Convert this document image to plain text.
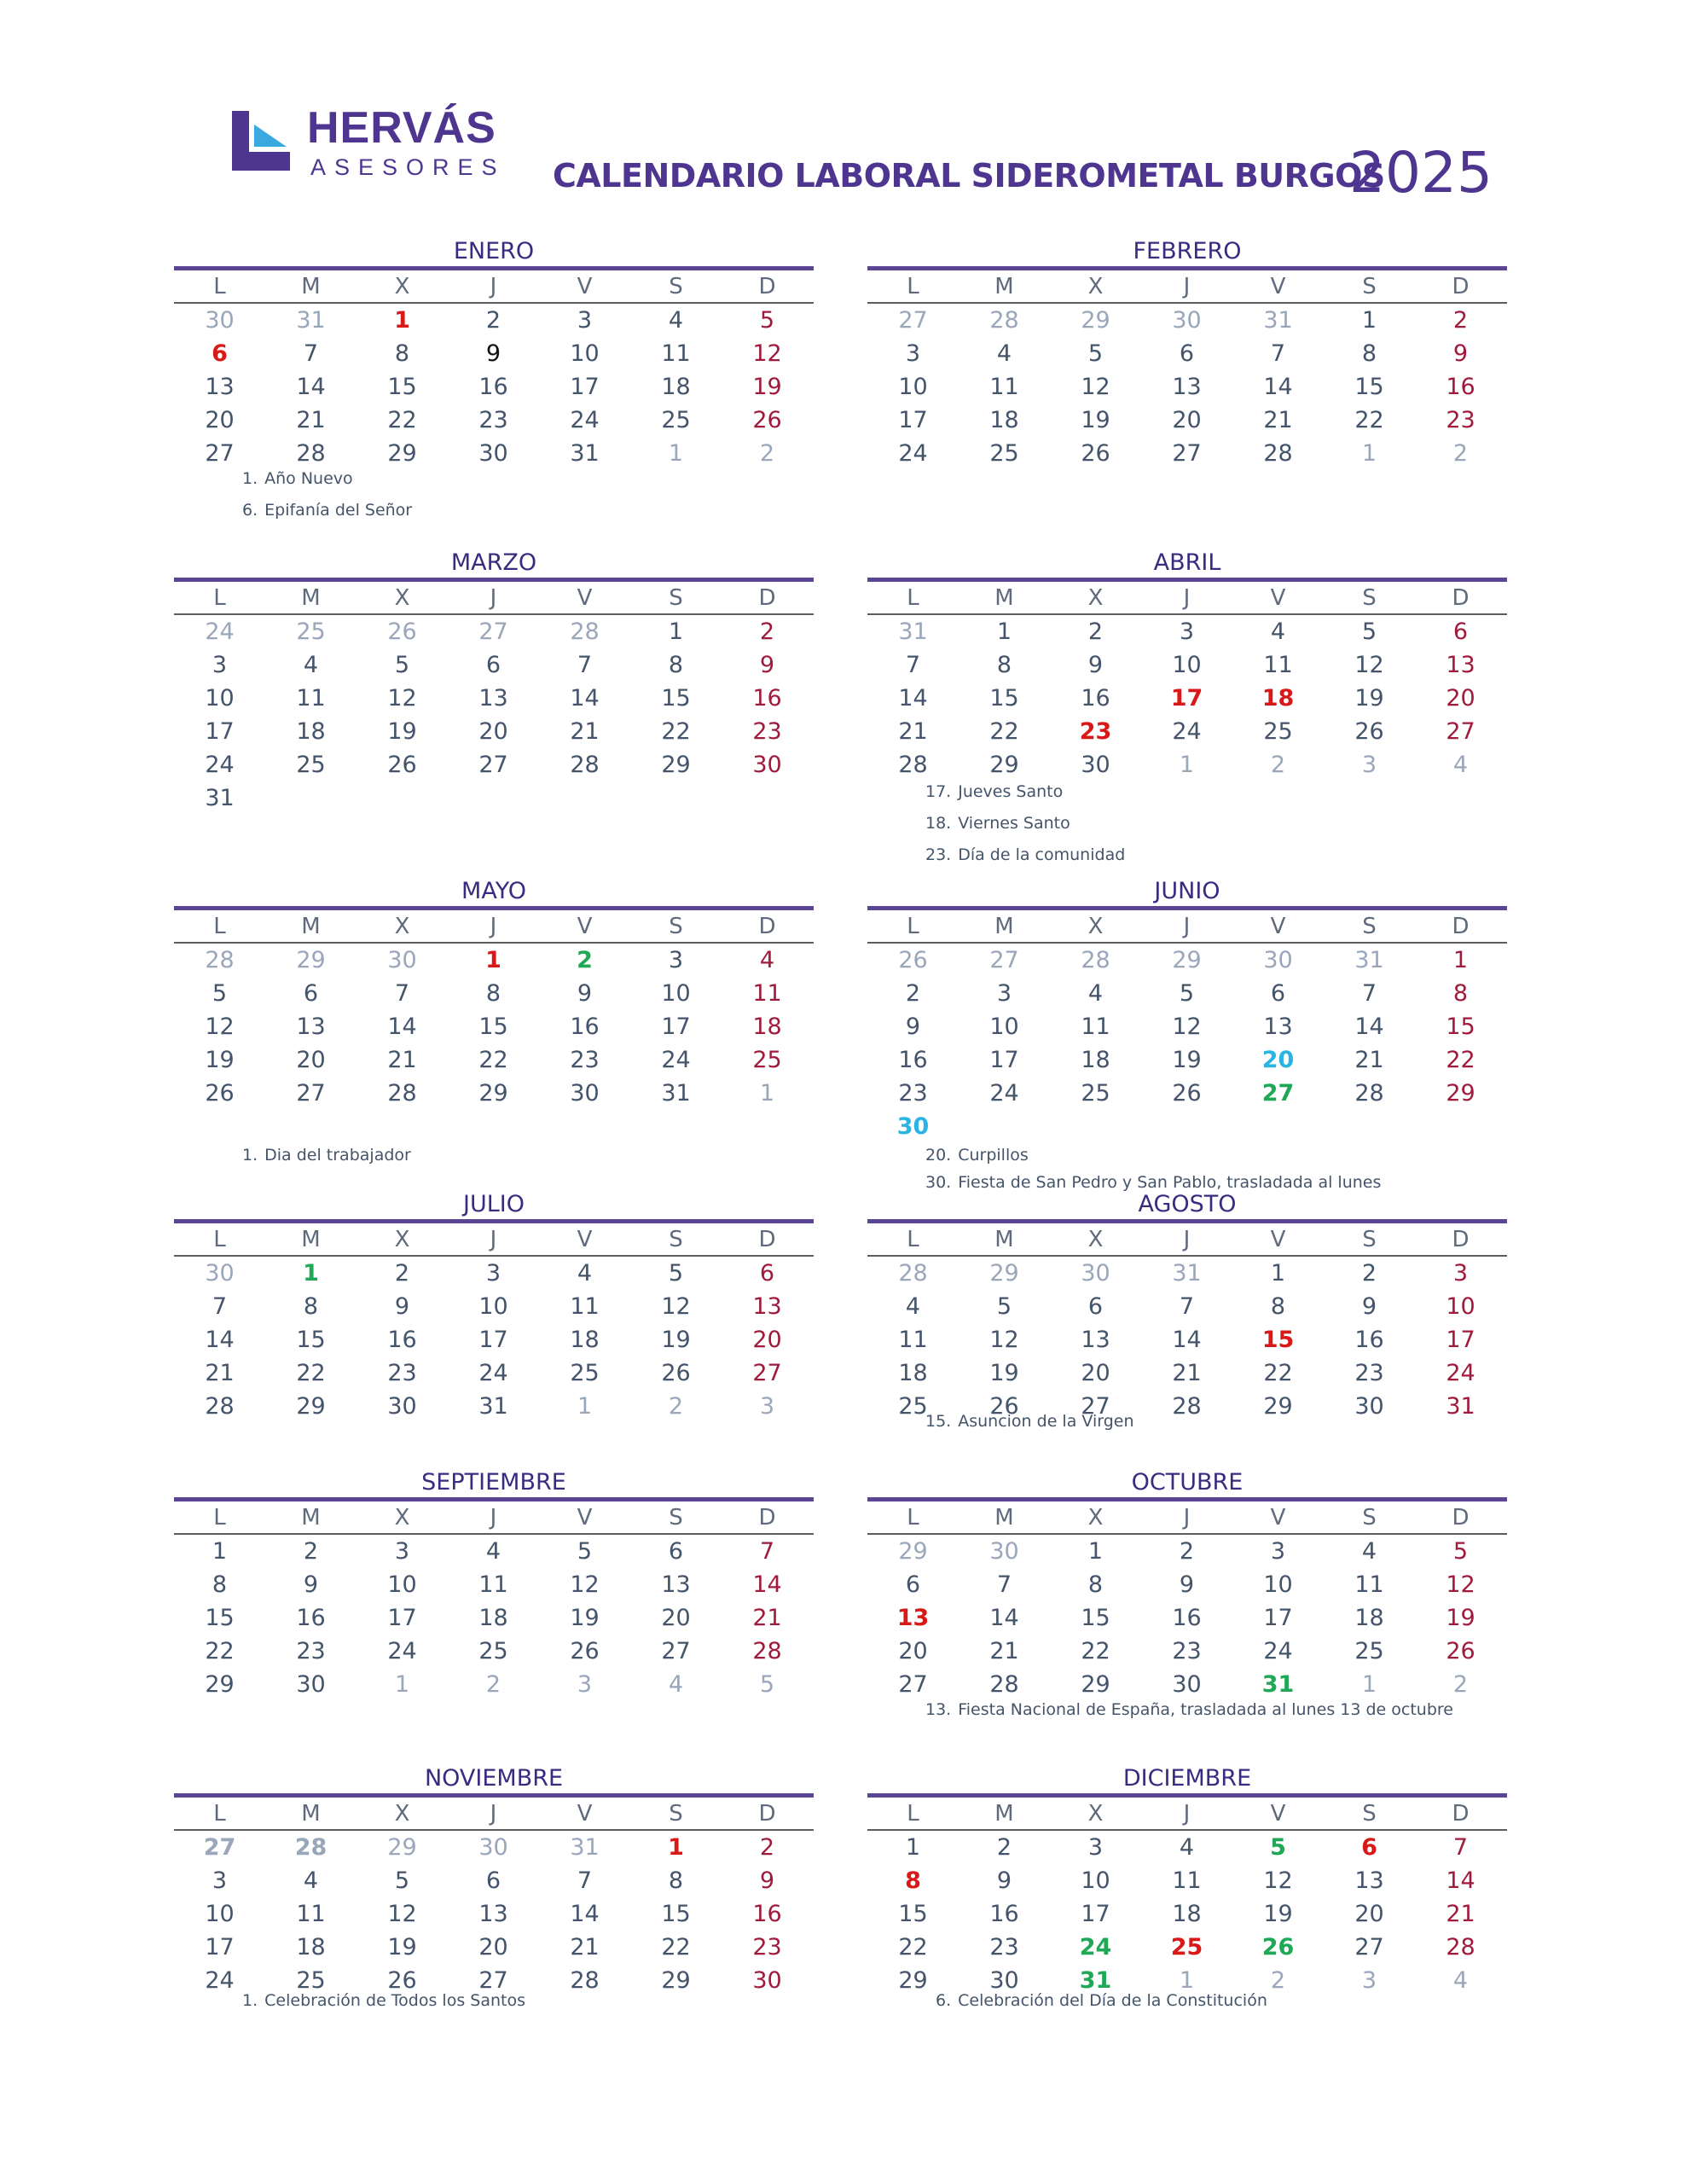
HERVÁS
ASESORES CALENDARIO LABORAL SIDEROMETAL BURGOS
2025
ENERO
L	M	X	J	V	S	D
30	31	1	2	3	4	5
6	7	8	9	10	11	12
13	14	15	16	17	18	19
20	21	22	23	24	25	26
27	28	29	30	31	1	2
1. Año Nuevo
6. Epifanía del Señor
FEBRERO
L	M	X	J	V	S	D
27	28	29	30	31	1	2
3	4	5	6	7	8	9
10	11	12	13	14	15	16
17	18	19	20	21	22	23
24	25	26	27	28	1	2
MARZO
L	M	X	J	V	S	D
24	25	26	27	28	1	2
3	4	5	6	7	8	9
10	11	12	13	14	15	16
17	18	19	20	21	22	23
24	25	26	27	28	29	30
31
ABRIL
L	M	X	J	V	S	D
31	1	2	3	4	5	6
7	8	9	10	11	12	13
14	15	16	17	18	19	20
21	22	23	24	25	26	27
28	29	30	1	2	3	4
17. Jueves Santo
18. Viernes Santo
23. Día de la comunidad
MAYO
L	M	X	J	V	S	D
28	29	30	1	2	3	4
5	6	7	8	9	10	11
12	13	14	15	16	17	18
19	20	21	22	23	24	25
26	27	28	29	30	31	1
1. Dia del trabajador
JUNIO
L	M	X	J	V	S	D
26	27	28	29	30	31	1
2	3	4	5	6	7	8
9	10	11	12	13	14	15
16	17	18	19	20	21	22
23	24	25	26	27	28	29
30
20. Curpillos
30. Fiesta de San Pedro y San Pablo, trasladada al lunes
JULIO
L	M	X	J	V	S	D
30	1	2	3	4	5	6
7	8	9	10	11	12	13
14	15	16	17	18	19	20
21	22	23	24	25	26	27
28	29	30	31	1	2	3
AGOSTO
L	M	X	J	V	S	D
28	29	30	31	1	2	3
4	5	6	7	8	9	10
11	12	13	14	15	16	17
18	19	20	21	22	23	24
25	26	27	28	29	30	31
15. Asuncion de la Virgen
SEPTIEMBRE
L	M	X	J	V	S	D
1	2	3	4	5	6	7
8	9	10	11	12	13	14
15	16	17	18	19	20	21
22	23	24	25	26	27	28
29	30	1	2	3	4	5
OCTUBRE
L	M	X	J	V	S	D
29	30	1	2	3	4	5
6	7	8	9	10	11	12
13	14	15	16	17	18	19
20	21	22	23	24	25	26
27	28	29	30	31	1	2
13. Fiesta Nacional de España, trasladada al lunes 13 de octubre
NOVIEMBRE
L	M	X	J	V	S	D
27	28	29	30	31	1	2
3	4	5	6	7	8	9
10	11	12	13	14	15	16
17	18	19	20	21	22	23
24	25	26	27	28	29	30
1. Celebración de Todos los Santos
DICIEMBRE
L	M	X	J	V	S	D
1	2	3	4	5	6	7
8	9	10	11	12	13	14
15	16	17	18	19	20	21
22	23	24	25	26	27	28
29	30	31	1	2	3	4
6. Celebración del Día de la Constitución
